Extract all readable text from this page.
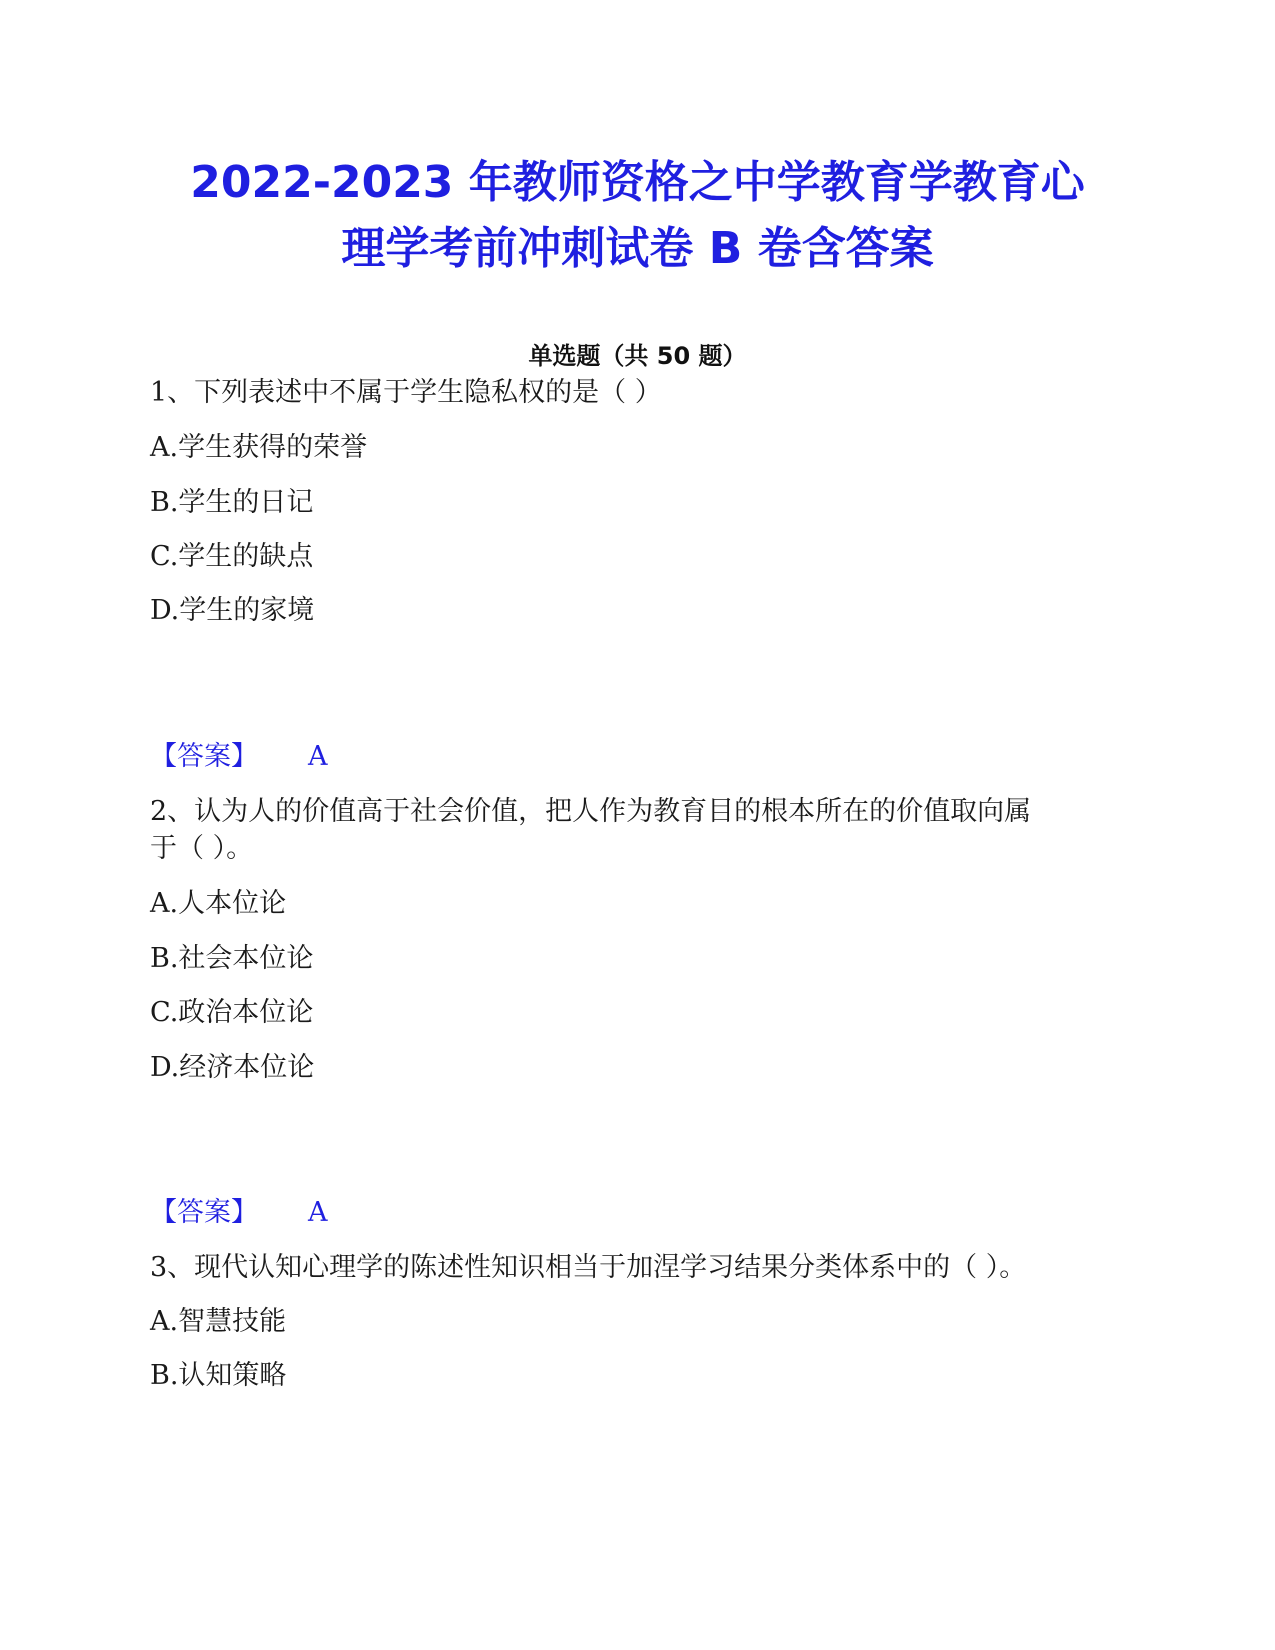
2022-2023 年教师资格之中学教育学教育心
理学考前冲刺试卷 B 卷含答案
单选题（共 50 题）
1、下列表述中不属于学生隐私权的是（ ）
A.学生获得的荣誉
B.学生的日记
C.学生的缺点
D.学生的家境
【答案】 A
2、认为人的价值高于社会价值，把人作为教育目的根本所在的价值取向属
于（ ）。
A.人本位论
B.社会本位论
C.政治本位论
D.经济本位论
【答案】 A
3、现代认知心理学的陈述性知识相当于加涅学习结果分类体系中的（ ）。
A.智慧技能
B.认知策略
